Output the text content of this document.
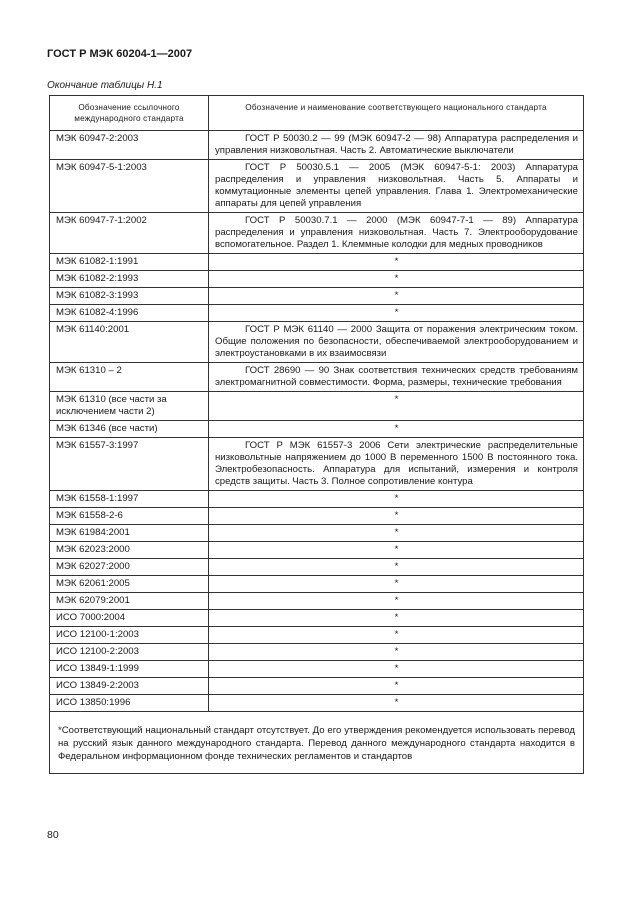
ГОСТ Р МЭК 60204-1—2007
Окончание таблицы Н.1
Обозначение ссылочного международного стандарта	Обозначение и наименование соответствующего национального стандарта
МЭК 60947-2:2003	ГОСТ Р 50030.2 — 99 (МЭК 60947-2 — 98) Аппаратура распределения и управления низковольтная. Часть 2. Автоматические выключатели
МЭК 60947-5-1:2003	ГОСТ Р 50030.5.1 — 2005 (МЭК 60947-5-1: 2003) Аппаратура распределения и управления низковольтная. Часть 5. Аппараты и коммутационные элементы цепей управления. Глава 1. Электромеханические аппараты для цепей управления
МЭК 60947-7-1:2002	ГОСТ Р 50030.7.1 — 2000 (МЭК 60947-7-1 — 89) Аппаратура распределения и управления низковольтная. Часть 7. Электрооборудование вспомогательное. Раздел 1. Клеммные колодки для медных проводников
МЭК 61082-1:1991	*
МЭК 61082-2:1993	*
МЭК 61082-3:1993	*
МЭК 61082-4:1996	*
МЭК 61140:2001	ГОСТ Р МЭК 61140 — 2000 Защита от поражения электрическим током. Общие положения по безопасности, обеспечиваемой электрооборудованием и электроустановками в их взаимосвязи
МЭК 61310 – 2	ГОСТ 28690 — 90 Знак соответствия технических средств требованиям электромагнитной совместимости. Форма, размеры, технические требования
МЭК 61310 (все части за исключением части 2)	*
МЭК 61346 (все части)	*
МЭК 61557-3:1997	ГОСТ Р МЭК 61557-3 2006 Сети электрические распределительные низковольтные напряжением до 1000 В переменного 1500 В постоянного тока. Электробезопасность. Аппаратура для испытаний, измерения и контроля средств защиты. Часть 3. Полное сопротивление контура
МЭК 61558-1:1997	*
МЭК 61558-2-6	*
МЭК 61984:2001	*
МЭК 62023:2000	*
МЭК 62027:2000	*
МЭК 62061:2005	*
МЭК 62079:2001	*
ИСО 7000:2004	*
ИСО 12100-1:2003	*
ИСО 12100-2:2003	*
ИСО 13849-1:1999	*
ИСО 13849-2:2003	*
ИСО 13850:1996	*
*Соответствующий национальный стандарт отсутствует. До его утверждения рекомендуется использовать перевод на русский язык данного международного стандарта. Перевод данного международного стандарта находится в Федеральном информационном фонде технических регламентов и стандартов	
80
